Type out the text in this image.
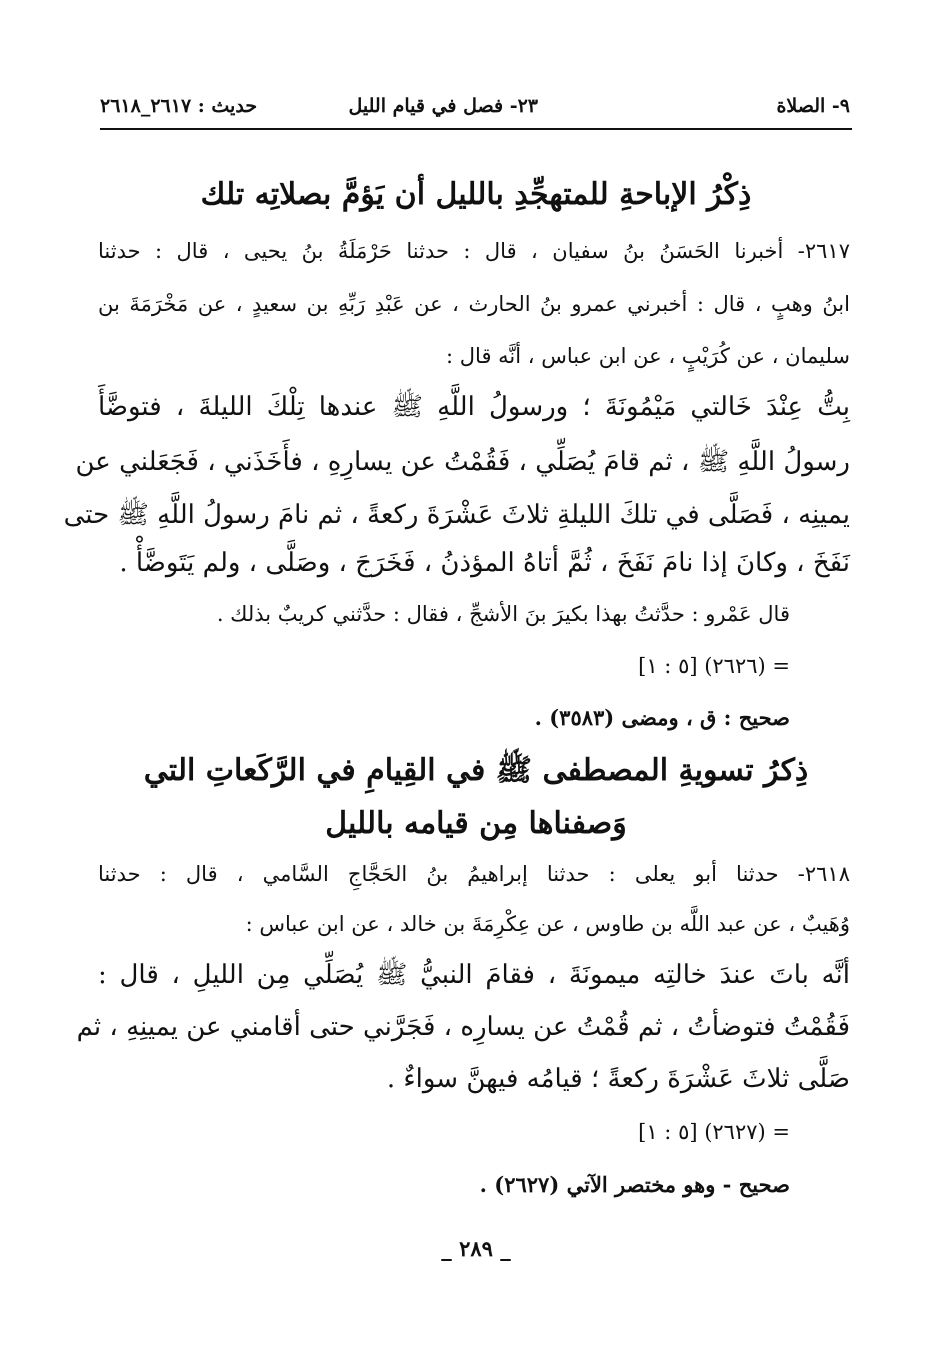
٩- الصلاة
٢٣- فصل في قيام الليل
حديث : ٢٦١٧_٢٦١٨
ذِكْرُ الإباحةِ للمتهجِّدِ بالليل أن يَؤمَّ بصلاتِه تلك
٢٦١٧- أخبرنا الحَسَنُ بنُ سفيان ، قال : حدثنا حَرْمَلَةُ بنُ يحيى ، قال : حدثنا
ابنُ وهبٍ ، قال : أخبرني عمرو بنُ الحارث ، عن عَبْدِ رَبِّهِ بن سعيدٍ ، عن مَخْرَمَةَ بن
سليمان ، عن كُرَيْبٍ ، عن ابن عباس ، أنَّه قال :
بِتُّ عِنْدَ خَالتي مَيْمُونَةَ ؛ ورسولُ اللَّهِ ﷺ عندها تِلْكَ الليلةَ ، فتوضَّأَ
رسولُ اللَّهِ ﷺ ، ثم قامَ يُصَلِّي ، فَقُمْتُ عن يسارِهِ ، فأَخَذَني ، فَجَعَلني عن
يمينِه ، فَصَلَّى في تلكَ الليلةِ ثلاثَ عَشْرَةَ ركعةً ، ثم نامَ رسولُ اللَّهِ ﷺ حتى
نَفَخَ ، وكانَ إذا نامَ نَفَخَ ، ثُمَّ أتاهُ المؤذنُ ، فَخَرَجَ ، وصَلَّى ، ولم يَتَوضَّأْ .
قال عَمْرو : حدَّثتُ بهذا بكيرَ بنَ الأشجِّ ، فقال : حدَّثني كريبٌ بذلك .
= (٢٦٢٦) [٥ : ١]
صحيح : ق ، ومضى (٣٥٨٣) .
ذِكرُ تسويةِ المصطفى ﷺ في القِيامِ في الرَّكَعاتِ التي
وَصفناها مِن قيامه بالليل
٢٦١٨- حدثنا أبو يعلى : حدثنا إبراهيمُ بنُ الحَجَّاجِ السَّامي ، قال : حدثنا
وُهَيبٌ ، عن عبد اللَّه بن طاوس ، عن عِكْرِمَةَ بن خالد ، عن ابن عباس :
أنَّه باتَ عندَ خالتِه ميمونَةَ ، فقامَ النبيُّ ﷺ يُصَلِّي مِن الليلِ ، قال :
فَقُمْتُ فتوضأتُ ، ثم قُمْتُ عن يسارِه ، فَجَرَّني حتى أقامني عن يمينِهِ ، ثم
صَلَّى ثلاثَ عَشْرَةَ ركعةً ؛ قيامُه فيهنَّ سواءٌ .
= (٢٦٢٧) [٥ : ١]
صحيح - وهو مختصر الآتي (٢٦٢٧) .
_ ٢٨٩ _
